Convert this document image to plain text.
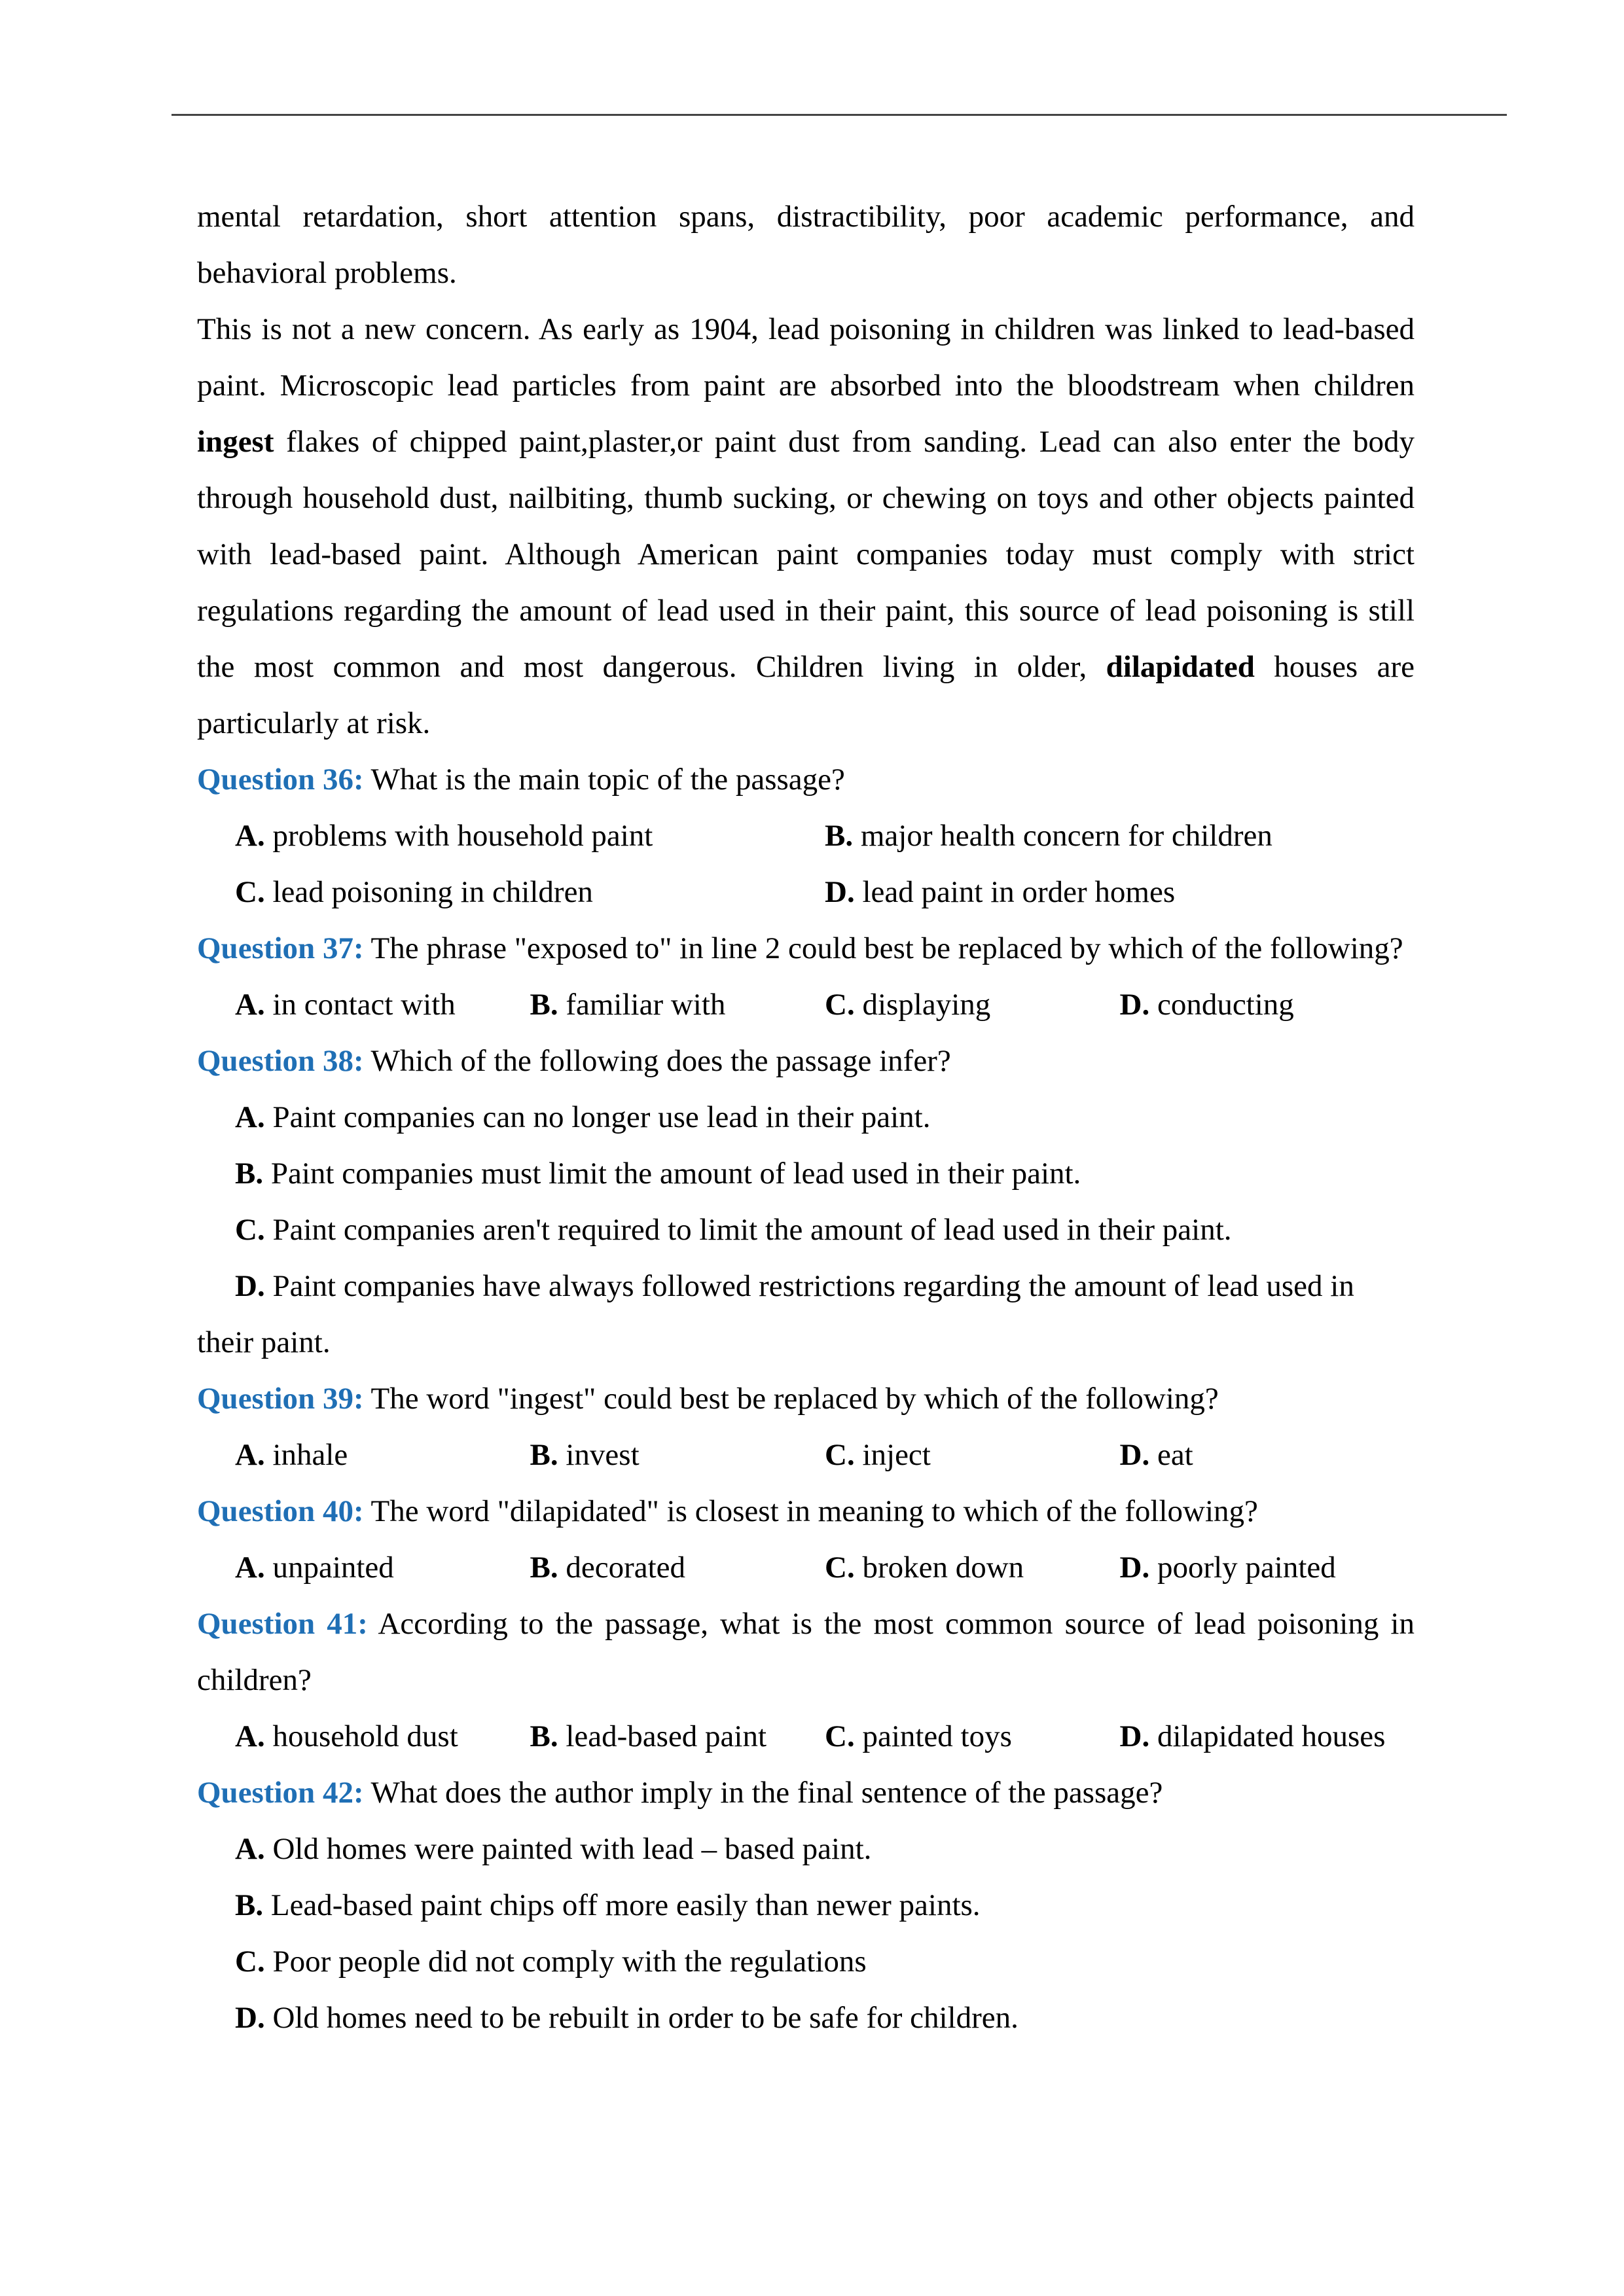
mental retardation, short attention spans, distractibility, poor academic performance, and behavioral problems.

This is not a new concern. As early as 1904, lead poisoning in children was linked to lead-based paint. Microscopic lead particles from paint are absorbed into the bloodstream when children ingest flakes of chipped paint,plaster,or paint dust from sanding. Lead can also enter the body through household dust, nailbiting, thumb sucking, or chewing on toys and other objects painted with lead-based paint. Although American paint companies today must comply with strict regulations regarding the amount of lead used in their paint, this source of lead poisoning is still the most common and most dangerous. Children living in older, dilapidated houses are particularly at risk.

Question 36: What is the main topic of the passage?

A. problems with household paint	B. major health concern for children
C. lead poisoning in children	D. lead paint in order homes

Question 37: The phrase "exposed to" in line 2 could best be replaced by which of the following?

A. in contact with	B. familiar with	C. displaying	D. conducting

Question 38: Which of the following does the passage infer?

A. Paint companies can no longer use lead in their paint.

B. Paint companies must limit the amount of lead used in their paint.

C. Paint companies aren't required to limit the amount of lead used in their paint.

D. Paint companies have always followed restrictions regarding the amount of lead used in their paint.

Question 39: The word "ingest" could best be replaced by which of the following?

A. inhale	B. invest	C. inject	D. eat

Question 40: The word "dilapidated" is closest in meaning to which of the following?

A. unpainted	B. decorated	C. broken down	D. poorly painted

Question 41: According to the passage, what is the most common source of lead poisoning in children?

A. household dust	B. lead-based paint	C. painted toys	D. dilapidated houses

Question 42: What does the author imply in the final sentence of the passage?

A. Old homes were painted with lead – based paint.

B. Lead-based paint chips off more easily than newer paints.

C. Poor people did not comply with the regulations

D. Old homes need to be rebuilt in order to be safe for children.
